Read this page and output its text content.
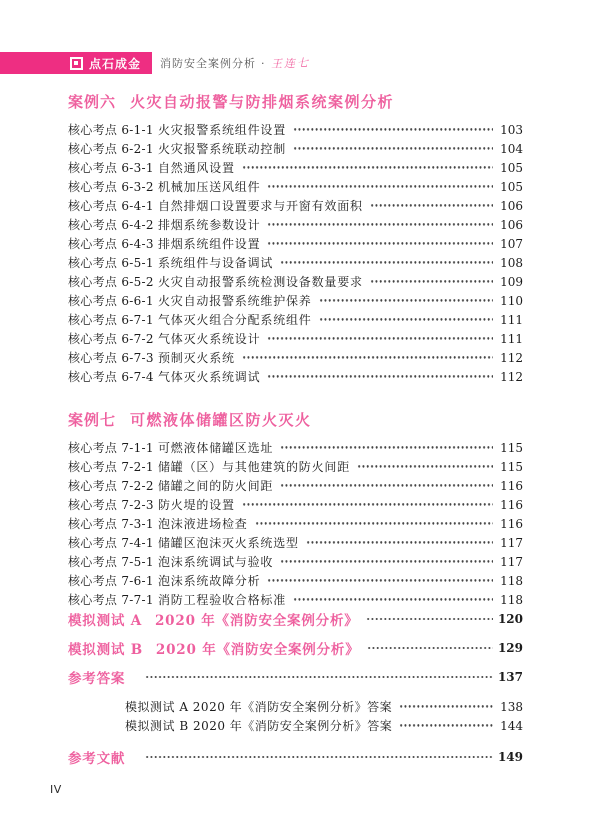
点石成金 消防安全案例分析 · 王连七
案例六 火灾自动报警与防排烟系统案例分析
核心考点 6-1-1 火灾报警系统组件设置	103
核心考点 6-2-1 火灾报警系统联动控制	104
核心考点 6-3-1 自然通风设置	105
核心考点 6-3-2 机械加压送风组件	105
核心考点 6-4-1 自然排烟口设置要求与开窗有效面积	106
核心考点 6-4-2 排烟系统参数设计	106
核心考点 6-4-3 排烟系统组件设置	107
核心考点 6-5-1 系统组件与设备调试	108
核心考点 6-5-2 火灾自动报警系统检测设备数量要求	109
核心考点 6-6-1 火灾自动报警系统维护保养	110
核心考点 6-7-1 气体灭火组合分配系统组件	111
核心考点 6-7-2 气体灭火系统设计	111
核心考点 6-7-3 预制灭火系统	112
核心考点 6-7-4 气体灭火系统调试	112
案例七 可燃液体储罐区防火灭火
核心考点 7-1-1 可燃液体储罐区选址	115
核心考点 7-2-1 储罐（区）与其他建筑的防火间距	115
核心考点 7-2-2 储罐之间的防火间距	116
核心考点 7-2-3 防火堤的设置	116
核心考点 7-3-1 泡沫液进场检查	116
核心考点 7-4-1 储罐区泡沫灭火系统选型	117
核心考点 7-5-1 泡沫系统调试与验收	117
核心考点 7-6-1 泡沫系统故障分析	118
核心考点 7-7-1 消防工程验收合格标准	118
模拟测试 A 2020 年《消防安全案例分析》	120
模拟测试 B 2020 年《消防安全案例分析》	129
参考答案	137
模拟测试 A 2020 年《消防安全案例分析》答案	138
模拟测试 B 2020 年《消防安全案例分析》答案	144
参考文献	149
IV
